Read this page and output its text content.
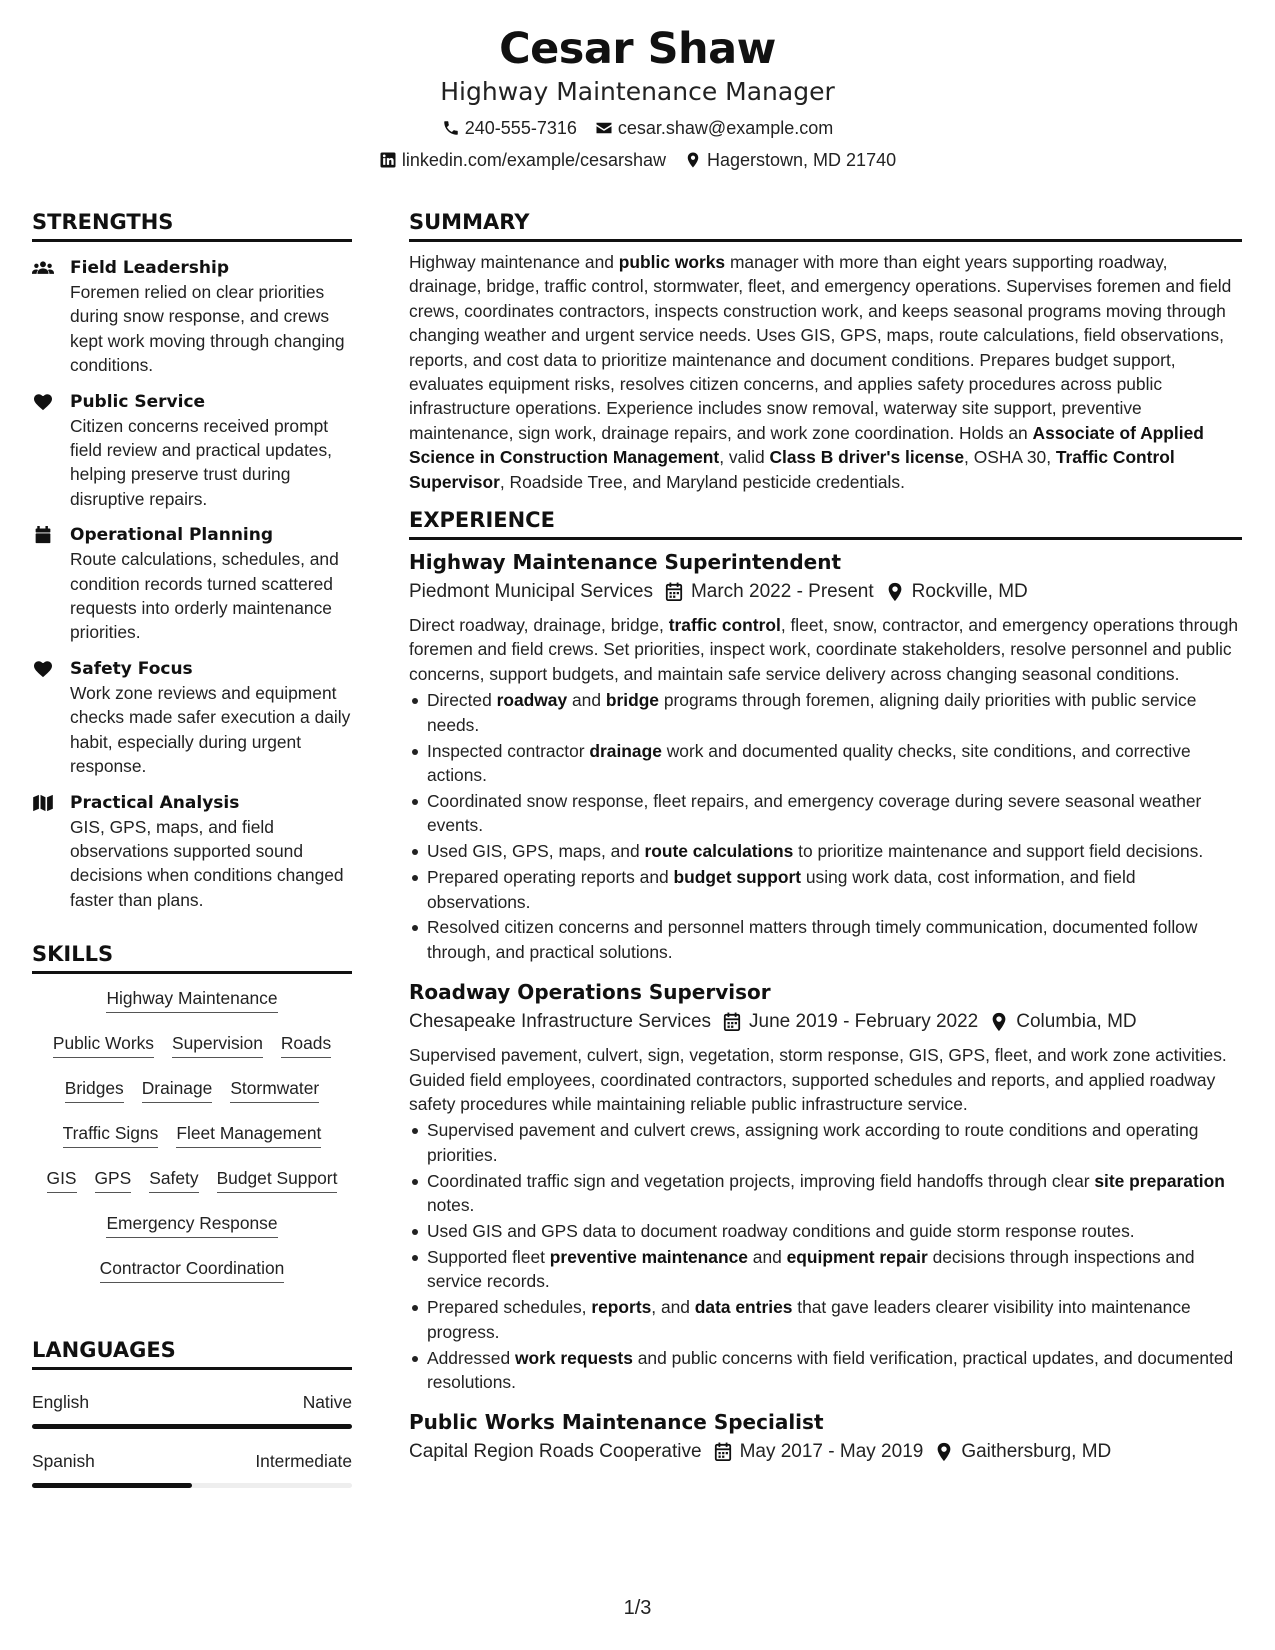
Cesar Shaw
Highway Maintenance Manager
240-555-7316 cesar.shaw@example.com
linkedin.com/example/cesarshaw Hagerstown, MD 21740
STRENGTHS
Field Leadership
Foremen relied on clear priorities during snow response, and crews kept work moving through changing conditions.
Public Service
Citizen concerns received prompt field review and practical updates, helping preserve trust during disruptive repairs.
Operational Planning
Route calculations, schedules, and condition records turned scattered requests into orderly maintenance priorities.
Safety Focus
Work zone reviews and equipment checks made safer execution a daily habit, especially during urgent response.
Practical Analysis
GIS, GPS, maps, and field observations supported sound decisions when conditions changed faster than plans.
SKILLS
Highway Maintenance
Public Works Supervision Roads
Bridges Drainage Stormwater
Traffic Signs Fleet Management
GIS GPS Safety Budget Support
Emergency Response
Contractor Coordination
LANGUAGES
English	Native
Spanish	Intermediate
SUMMARY
Highway maintenance and public works manager with more than eight years supporting roadway, drainage, bridge, traffic control, stormwater, fleet, and emergency operations. Supervises foremen and field crews, coordinates contractors, inspects construction work, and keeps seasonal programs moving through changing weather and urgent service needs. Uses GIS, GPS, maps, route calculations, field observations, reports, and cost data to prioritize maintenance and document conditions. Prepares budget support, evaluates equipment risks, resolves citizen concerns, and applies safety procedures across public infrastructure operations. Experience includes snow removal, waterway site support, preventive maintenance, sign work, drainage repairs, and work zone coordination. Holds an Associate of Applied Science in Construction Management, valid Class B driver's license, OSHA 30, Traffic Control Supervisor, Roadside Tree, and Maryland pesticide credentials.
EXPERIENCE
Highway Maintenance Superintendent
Piedmont Municipal Services March 2022 - Present Rockville, MD
Direct roadway, drainage, bridge, traffic control, fleet, snow, contractor, and emergency operations through foremen and field crews. Set priorities, inspect work, coordinate stakeholders, resolve personnel and public concerns, support budgets, and maintain safe service delivery across changing seasonal conditions.
Directed roadway and bridge programs through foremen, aligning daily priorities with public service needs.
Inspected contractor drainage work and documented quality checks, site conditions, and corrective actions.
Coordinated snow response, fleet repairs, and emergency coverage during severe seasonal weather events.
Used GIS, GPS, maps, and route calculations to prioritize maintenance and support field decisions.
Prepared operating reports and budget support using work data, cost information, and field observations.
Resolved citizen concerns and personnel matters through timely communication, documented follow through, and practical solutions.
Roadway Operations Supervisor
Chesapeake Infrastructure Services June 2019 - February 2022 Columbia, MD
Supervised pavement, culvert, sign, vegetation, storm response, GIS, GPS, fleet, and work zone activities. Guided field employees, coordinated contractors, supported schedules and reports, and applied roadway safety procedures while maintaining reliable public infrastructure service.
Supervised pavement and culvert crews, assigning work according to route conditions and operating priorities.
Coordinated traffic sign and vegetation projects, improving field handoffs through clear site preparation notes.
Used GIS and GPS data to document roadway conditions and guide storm response routes.
Supported fleet preventive maintenance and equipment repair decisions through inspections and service records.
Prepared schedules, reports, and data entries that gave leaders clearer visibility into maintenance progress.
Addressed work requests and public concerns with field verification, practical updates, and documented resolutions.
Public Works Maintenance Specialist
Capital Region Roads Cooperative May 2017 - May 2019 Gaithersburg, MD
1/3
